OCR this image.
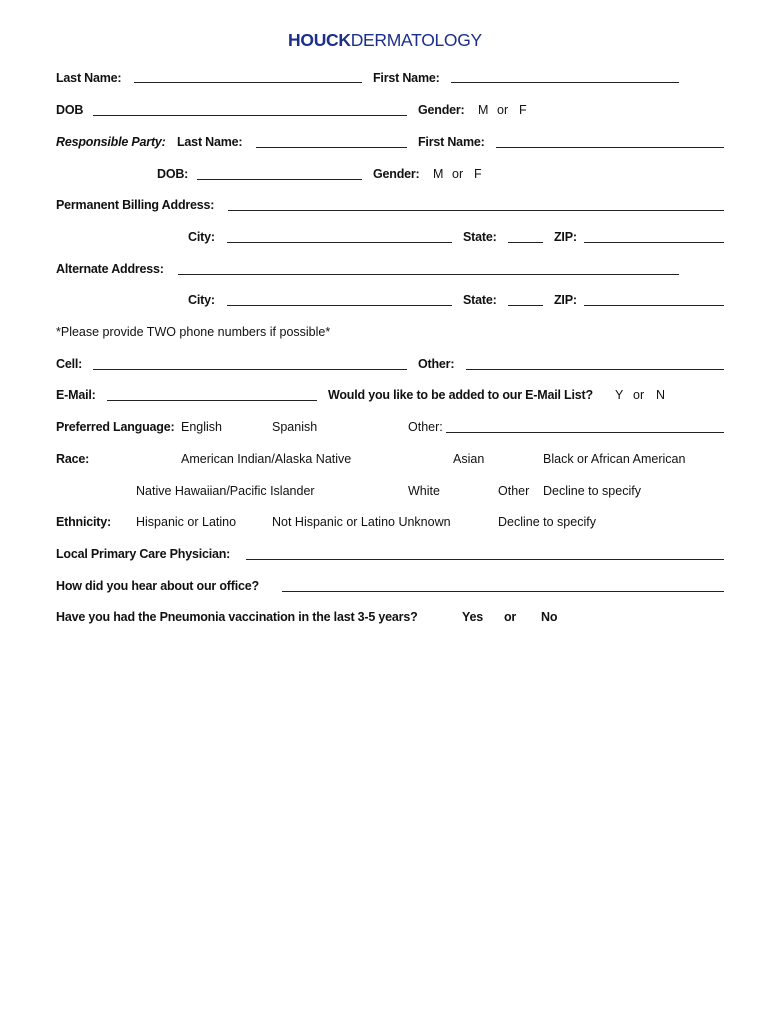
HOUCKDERMATOLOGY
Last Name:	First Name:
DOB	Gender: M or F
Responsible Party: Last Name:	First Name:
DOB:	Gender: M or F
Permanent Billing Address:
City:	State:	ZIP:
Alternate Address:
City:	State:	ZIP:
*Please provide TWO phone numbers if possible*
Cell:	Other:
E-Mail:	Would you like to be added to our E-Mail List? Y or N
Preferred Language: English	Spanish	Other:
Race:	American Indian/Alaska Native	Asian	Black or African American
Native Hawaiian/Pacific Islander	White	Other Decline to specify
Ethnicity: Hispanic or Latino	Not Hispanic or Latino Unknown	Decline to specify
Local Primary Care Physician:
How did you hear about our office?
Have you had the Pneumonia vaccination in the last 3-5 years?	Yes or No
